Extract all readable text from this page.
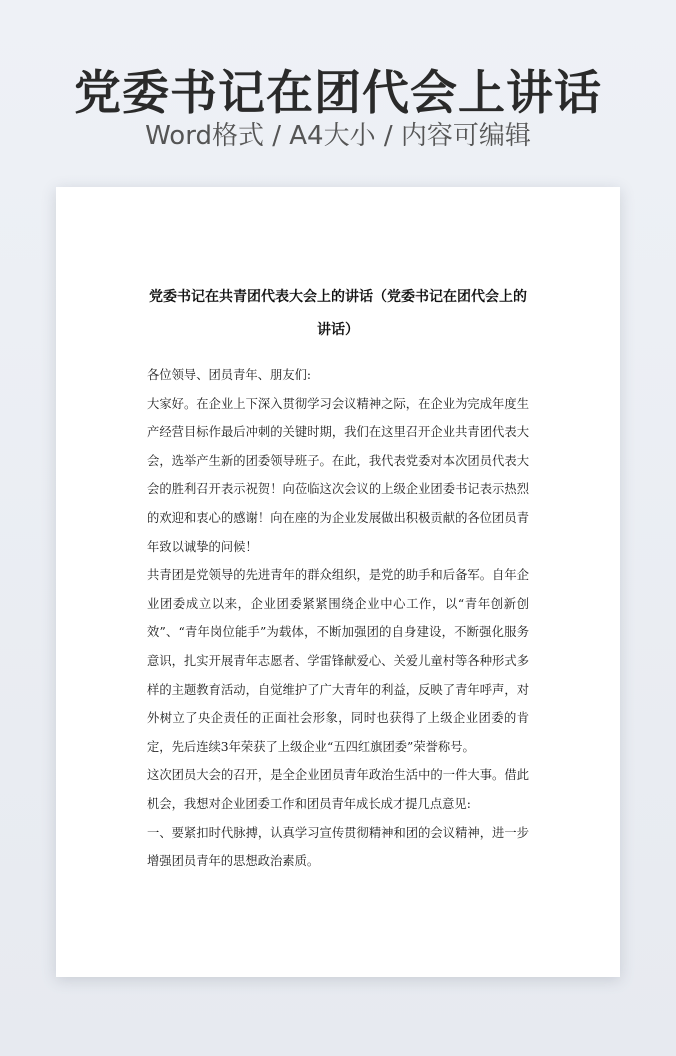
党委书记在团代会上讲话
Word格式 / A4大小 / 内容可编辑
党委书记在共青团代表大会上的讲话（党委书记在团代会上的讲话）

各位领导、团员青年、朋友们:

大家好。在企业上下深入贯彻学习会议精神之际，在企业为完成年度生产经营目标作最后冲刺的关键时期，我们在这里召开企业共青团代表大会，选举产生新的团委领导班子。在此，我代表党委对本次团员代表大会的胜利召开表示祝贺！向莅临这次会议的上级企业团委书记表示热烈的欢迎和衷心的感谢！向在座的为企业发展做出积极贡献的各位团员青年致以诚挚的问候！

共青团是党领导的先进青年的群众组织，是党的助手和后备军。自年企业团委成立以来，企业团委紧紧围绕企业中心工作，以“青年创新创效”、“青年岗位能手”为载体，不断加强团的自身建设，不断强化服务意识，扎实开展青年志愿者、学雷锋献爱心、关爱儿童村等各种形式多样的主题教育活动，自觉维护了广大青年的利益，反映了青年呼声，对外树立了央企责任的正面社会形象，同时也获得了上级企业团委的肯定，先后连续3年荣获了上级企业“五四红旗团委”荣誉称号。

这次团员大会的召开，是全企业团员青年政治生活中的一件大事。借此机会，我想对企业团委工作和团员青年成长成才提几点意见:

一、要紧扣时代脉搏，认真学习宣传贯彻精神和团的会议精神，进一步增强团员青年的思想政治素质。
